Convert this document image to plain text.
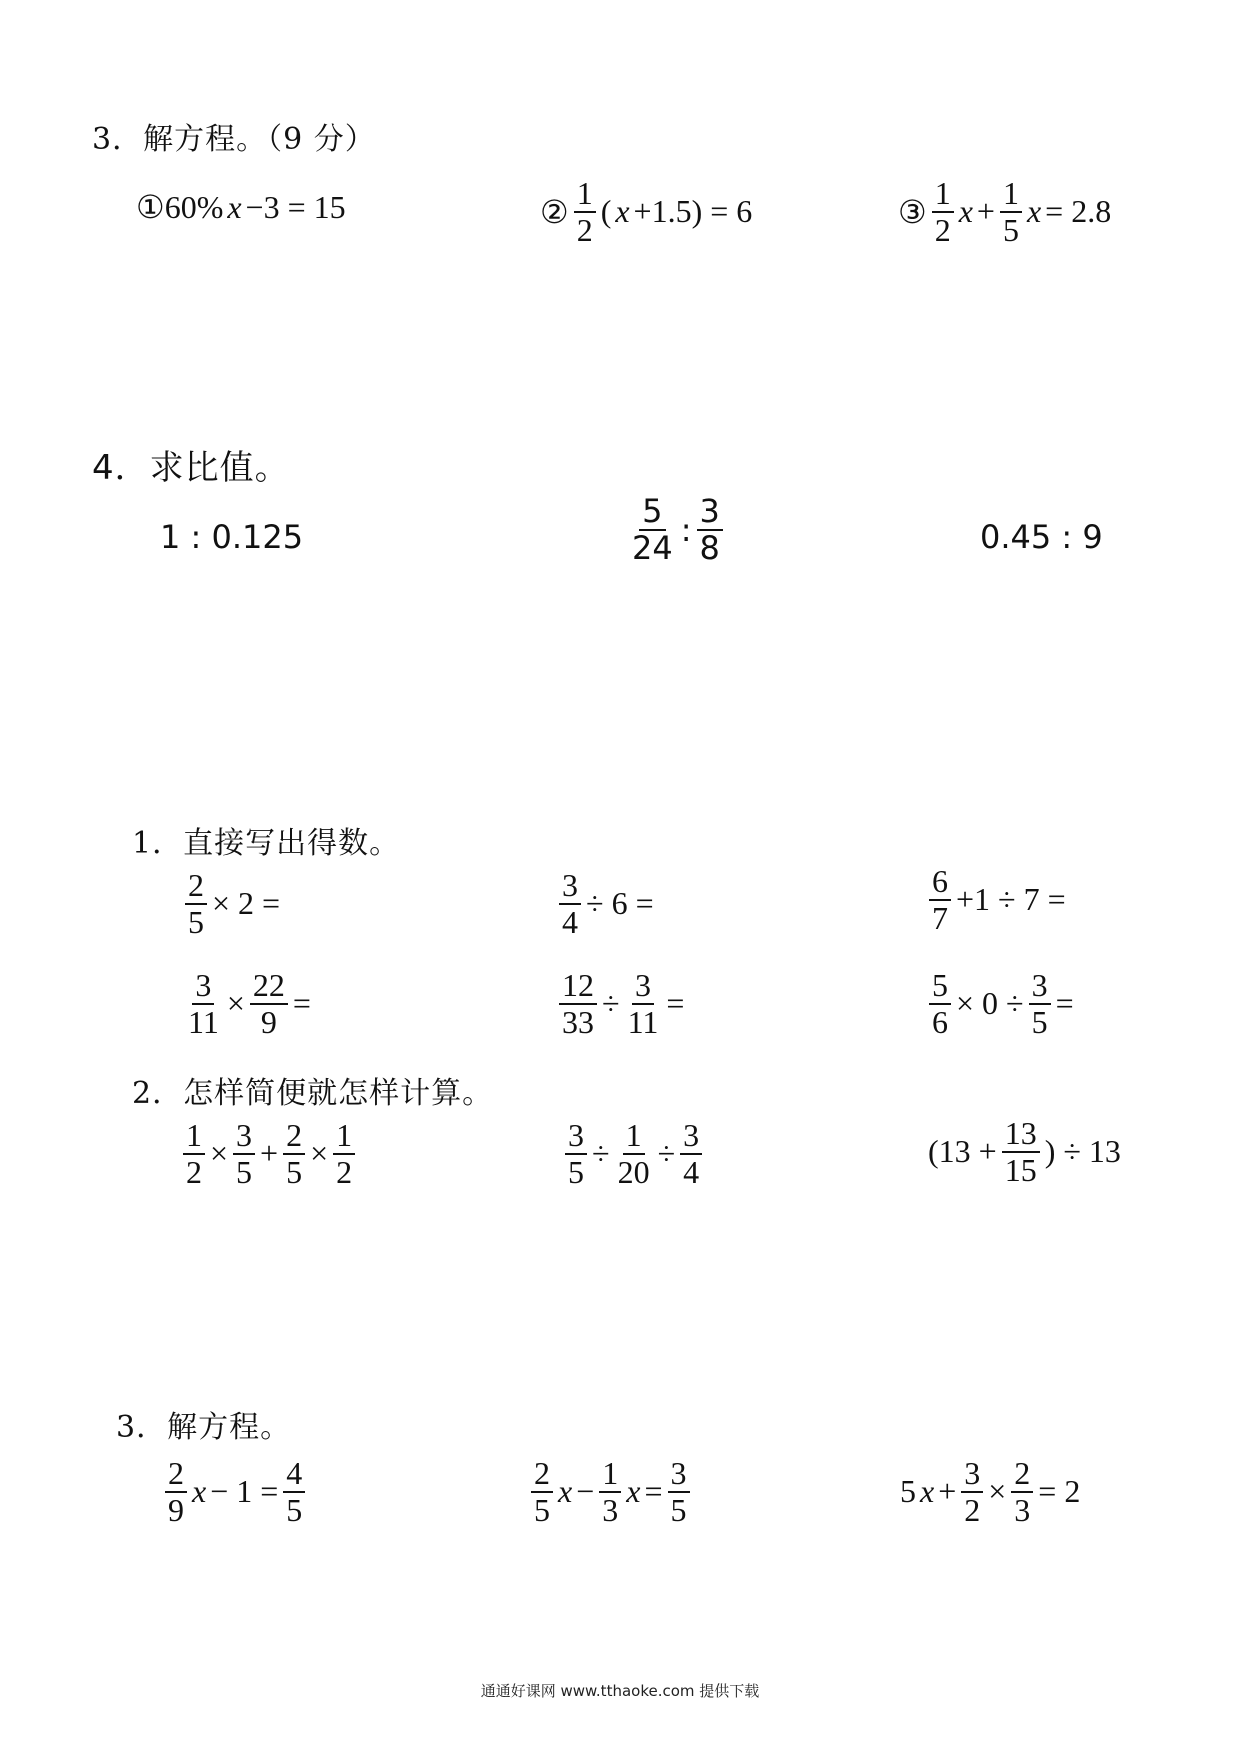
3．解方程。（9 分）
4．求比值。
1．直接写出得数。
2．怎样简便就怎样计算。
3．解方程。
①60% x −3 = 15	② $\frac{1}{2}$ ( x +1.5) = 6	③ $\frac{1}{2}$ $x + \frac{1}{5}$ x = 2.8
1 : 0.125	$\frac{5}{24}$ : $\frac{3}{8}$	0.45 : 9
$\frac{2}{5} \times 2$ =	$\frac{3}{4} \div 6$ =	$\frac{6}{7} +1 \div 7$ =
$\frac{3}{11} \times \frac{22}{9}$ =	$\frac{12}{33} \div \frac{3}{11}$ =	$\frac{5}{6} \times 0 \div \frac{3}{5}$ =
$\frac{1}{2} \times \frac{3}{5} + \frac{2}{5} \times \frac{1}{2}$	$\frac{3}{5} \div \frac{1}{20} \div \frac{3}{4}$	($13 + \frac{13}{15}$ ) ÷ 13
$\frac{2}{9}$ $x - 1 = \frac{4}{5}$	$\frac{2}{5}$ $x - \frac{1}{3}$ $x = \frac{3}{5}$	5 $x + \frac{3}{2} \times \frac{2}{3} = 2$
通通好课网 www.tthaoke.com 提供下载
